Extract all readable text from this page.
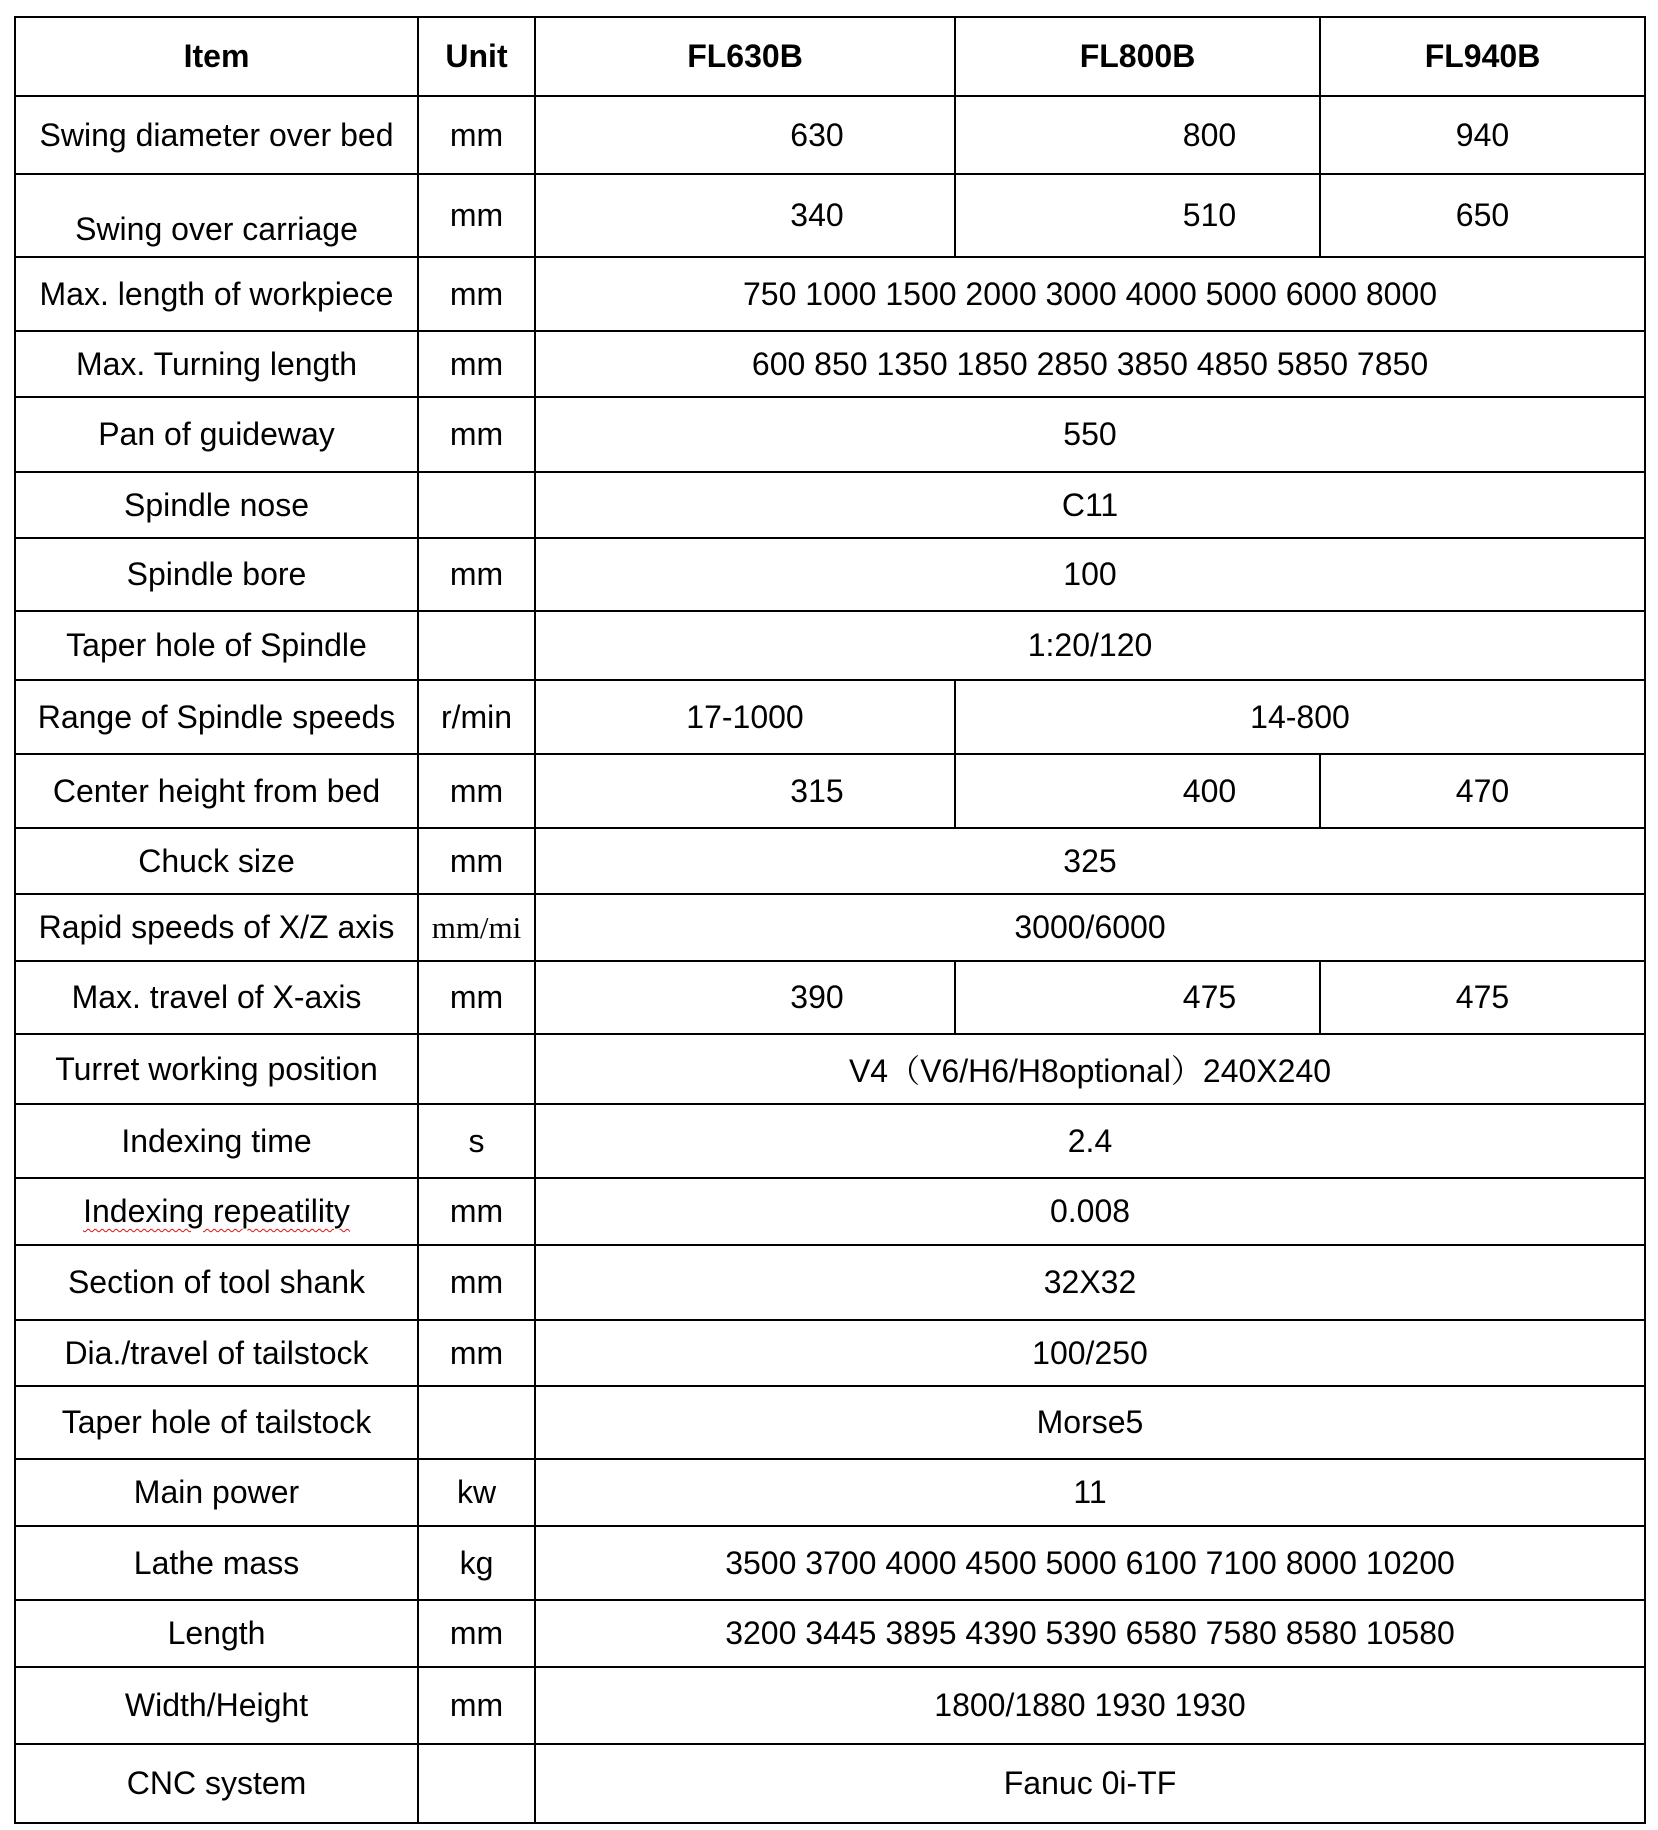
Item	Unit	FL630B	FL800B	FL940B
Swing diameter over bed	mm	630	800	940
Swing over carriage	mm	340	510	650
Max. length of workpiece	mm	750 1000 1500 2000 3000 4000 5000 6000 8000		
Max. Turning length	mm	600 850 1350 1850 2850 3850 4850 5850 7850		
Pan of guideway	mm	550		
Spindle nose		C11		
Spindle bore	mm	100		
Taper hole of Spindle		1:20/120		
Range of Spindle speeds	r/min	17-1000	14-800	
Center height from bed	mm	315	400	470
Chuck size	mm	325		
Rapid speeds of X/Z axis	mm/mi	3000/6000		
Max. travel of X-axis	mm	390	475	475
Turret working position		V4（V6/H6/H8optional）240X240		
Indexing time	s	2.4		
Indexing repeatility	mm	0.008		
Section of tool shank	mm	32X32		
Dia./travel of tailstock	mm	100/250		
Taper hole of tailstock		Morse5		
Main power	kw	11		
Lathe mass	kg	3500 3700 4000 4500 5000 6100 7100 8000 10200		
Length	mm	3200 3445 3895 4390 5390 6580 7580 8580 10580		
Width/Height	mm	1800/1880 1930 1930		
CNC system		Fanuc 0i-TF		
